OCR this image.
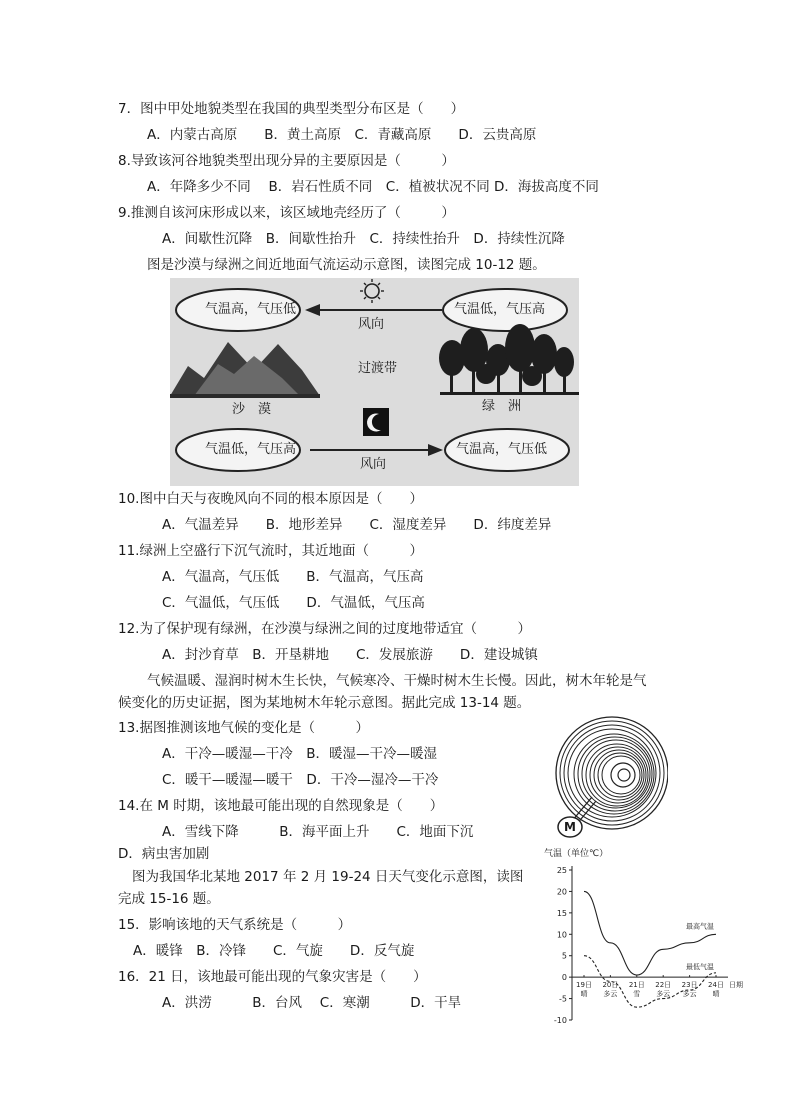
7．图中甲处地貌类型在我国的典型类型分布区是（　　）
A．内蒙古高原　　B．黄土高原　C．青藏高原　　D．云贵高原
8.导致该河谷地貌类型出现分异的主要原因是（　　　）
A．年降多少不同　 B．岩石性质不同　C．植被状况不同 D．海拔高度不同
9.推测自该河床形成以来，该区域地壳经历了（　　　）
A．间歇性沉降　B．间歇性抬升　C．持续性抬升　D．持续性沉降
图是沙漠与绿洲之间近地面气流运动示意图，读图完成 10-12 题。
气温高，气压低	气温低，气压高
气温低，气压高	气温高，气压低
风向
风向
过渡带
沙　漠	绿　洲
10.图中白天与夜晚风向不同的根本原因是（　　）
A．气温差异　　B．地形差异　　C．湿度差异　　D．纬度差异
11.绿洲上空盛行下沉气流时，其近地面（　　　）
A．气温高，气压低　　B．气温高，气压高
C．气温低，气压低　　D．气温低，气压高
12.为了保护现有绿洲，在沙漠与绿洲之间的过度地带适宜（　　　）
A．封沙育草　B．开垦耕地　　C．发展旅游　　D．建设城镇
气候温暖、湿润时树木生长快，气候寒冷、干燥时树木生长慢。因此，树木年轮是气
候变化的历史证据，图为某地树木年轮示意图。据此完成 13-14 题。
13.据图推测该地气候的变化是（　　　）
A．干冷—暖湿—干冷　B．暖湿—干冷—暖湿
C．暖干—暖湿—暖干　D．干冷—湿冷—干冷
14.在 M 时期，该地最可能出现的自然现象是（　　）
A．雪线下降　　　B．海平面上升　　C．地面下沉
D．病虫害加剧
M
图为我国华北某地 2017 年 2 月 19-24 日天气变化示意图，读图
完成 15-16 题。
15．影响该地的天气系统是（　　　）
A．暖锋　B．冷锋　　C．气旋　　D．反气旋
16．21 日，该地最可能出现的气象灾害是（　　）
A．洪涝　　　B．台风　 C．寒潮　　　D．干旱
气温（单位℃）
25
20
15
10
5
0
-5
-10
19日
晴
20日
多云
21日
雪
22日
多云
23日
多云
24日
晴
日期
最高气温
最低气温
